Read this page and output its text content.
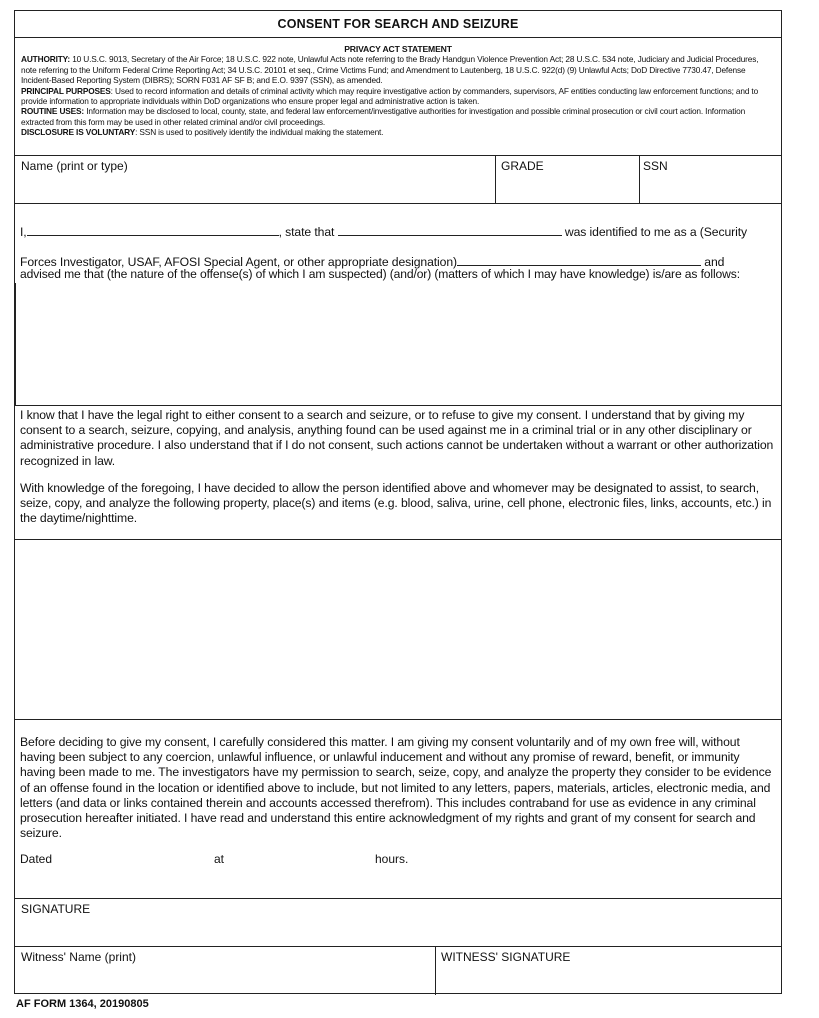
CONSENT FOR SEARCH AND SEIZURE
PRIVACY ACT STATEMENT
AUTHORITY: 10 U.S.C. 9013, Secretary of the Air Force; 18 U.S.C. 922 note, Unlawful Acts note referring to the Brady Handgun Violence Prevention Act; 28 U.S.C. 534 note, Judiciary and Judicial Procedures, note referring to the Uniform Federal Crime Reporting Act; 34 U.S.C. 20101 et seq., Crime Victims Fund; and Amendment to Lautenberg, 18 U.S.C. 922(d) (9) Unlawful Acts; DoD Directive 7730.47, Defense Incident-Based Reporting System (DIBRS); SORN F031 AF SF B; and E.O. 9397 (SSN), as amended.
PRINCIPAL PURPOSES: Used to record information and details of criminal activity which may require investigative action by commanders, supervisors, AF entities conducting law enforcement functions; and to provide information to appropriate individuals within DoD organizations who ensure proper legal and administrative action is taken.
ROUTINE USES: Information may be disclosed to local, county, state, and federal law enforcement/investigative authorities for investigation and possible criminal prosecution or civil court action. Information extracted from this form may be used in other related criminal and/or civil proceedings.
DISCLOSURE IS VOLUNTARY: SSN is used to positively identify the individual making the statement.
Name (print or type)	GRADE	SSN
I,	, state that	was identified to me as a (Security
Forces Investigator, USAF, AFOSI Special Agent, or other appropriate designation)	and
advised me that (the nature of the offense(s) of which I am suspected) (and/or) (matters of which I may have knowledge) is/are as follows:
I know that I have the legal right to either consent to a search and seizure, or to refuse to give my consent. I understand that by giving my consent to a search, seizure, copying, and analysis, anything found can be used against me in a criminal trial or in any other disciplinary or administrative procedure. I also understand that if I do not consent, such actions cannot be undertaken without a warrant or other authorization recognized in law.
With knowledge of the foregoing, I have decided to allow the person identified above and whomever may be designated to assist, to search, seize, copy, and analyze the following property, place(s) and items (e.g. blood, saliva, urine, cell phone, electronic files, links, accounts, etc.) in the daytime/nighttime.
Before deciding to give my consent, I carefully considered this matter. I am giving my consent voluntarily and of my own free will, without having been subject to any coercion, unlawful influence, or unlawful inducement and without any promise of reward, benefit, or immunity having been made to me. The investigators have my permission to search, seize, copy, and analyze the property they consider to be evidence of an offense found in the location or identified above to include, but not limited to any letters, papers, materials, articles, electronic media, and letters (and data or links contained therein and accounts accessed therefrom). This includes contraband for use as evidence in any criminal prosecution hereafter initiated. I have read and understand this entire acknowledgment of my rights and grant of my consent for search and seizure.
Dated	at	hours.
SIGNATURE
Witness' Name (print)	WITNESS' SIGNATURE
AF FORM 1364, 20190805
